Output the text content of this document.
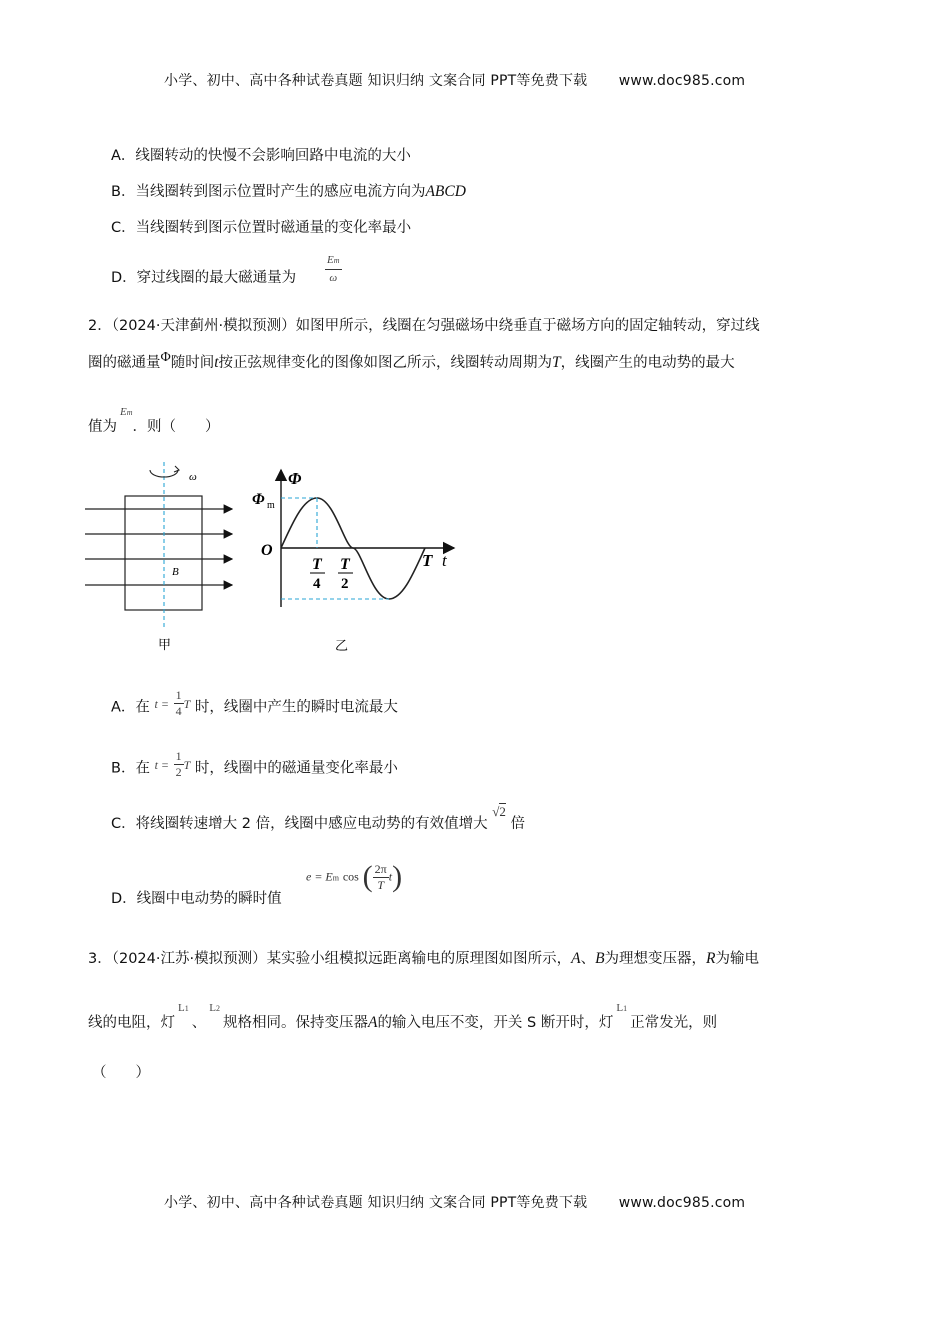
小学、初中、高中各种试卷真题 知识归纳 文案合同 PPT等免费下载 www.doc985.com
A．线圈转动的快慢不会影响回路中电流的大小
B．当线圈转到图示位置时产生的感应电流方向为ABCD
C．当线圈转到图示位置时磁通量的变化率最小
D．穿过线圈的最大磁通量为	$\frac{Em}{\omega}$
2．（2024·天津蓟州·模拟预测）如图甲所示，线圈在匀强磁场中绕垂直于磁场方向的固定轴转动，穿过线
圈的磁通量Φ随时间t按正弦规律变化的图像如图乙所示，线圈转动周期为T，线圈产生的电动势的最大
值为$^{Em}$．则（　　）
ω
B
甲
Φ
Φ m
O
T
4
T
2
T t
乙
A．在 $^{t =} \frac{1}{4} ^T$ 时，线圈中产生的瞬时电流最大
B．在 $^{t =} \frac{1}{2} ^T$ 时，线圈中的磁通量变化率最小
C．将线圈转速增大 2 倍，线圈中感应电动势的有效值增大 √2 倍
D．线圈中电动势的瞬时值
e = Em cos ( $\frac{2\pi}{T} t$)
3．（2024·江苏·模拟预测）某实验小组模拟远距离输电的原理图如图所示，A、B为理想变压器，R为输电
线的电阻，灯$^{L1}$、$^{L2}$规格相同。保持变压器A的输入电压不变，开关 S 断开时，灯$^{L1}$正常发光，则
（　　）
小学、初中、高中各种试卷真题 知识归纳 文案合同 PPT等免费下载 www.doc985.com
